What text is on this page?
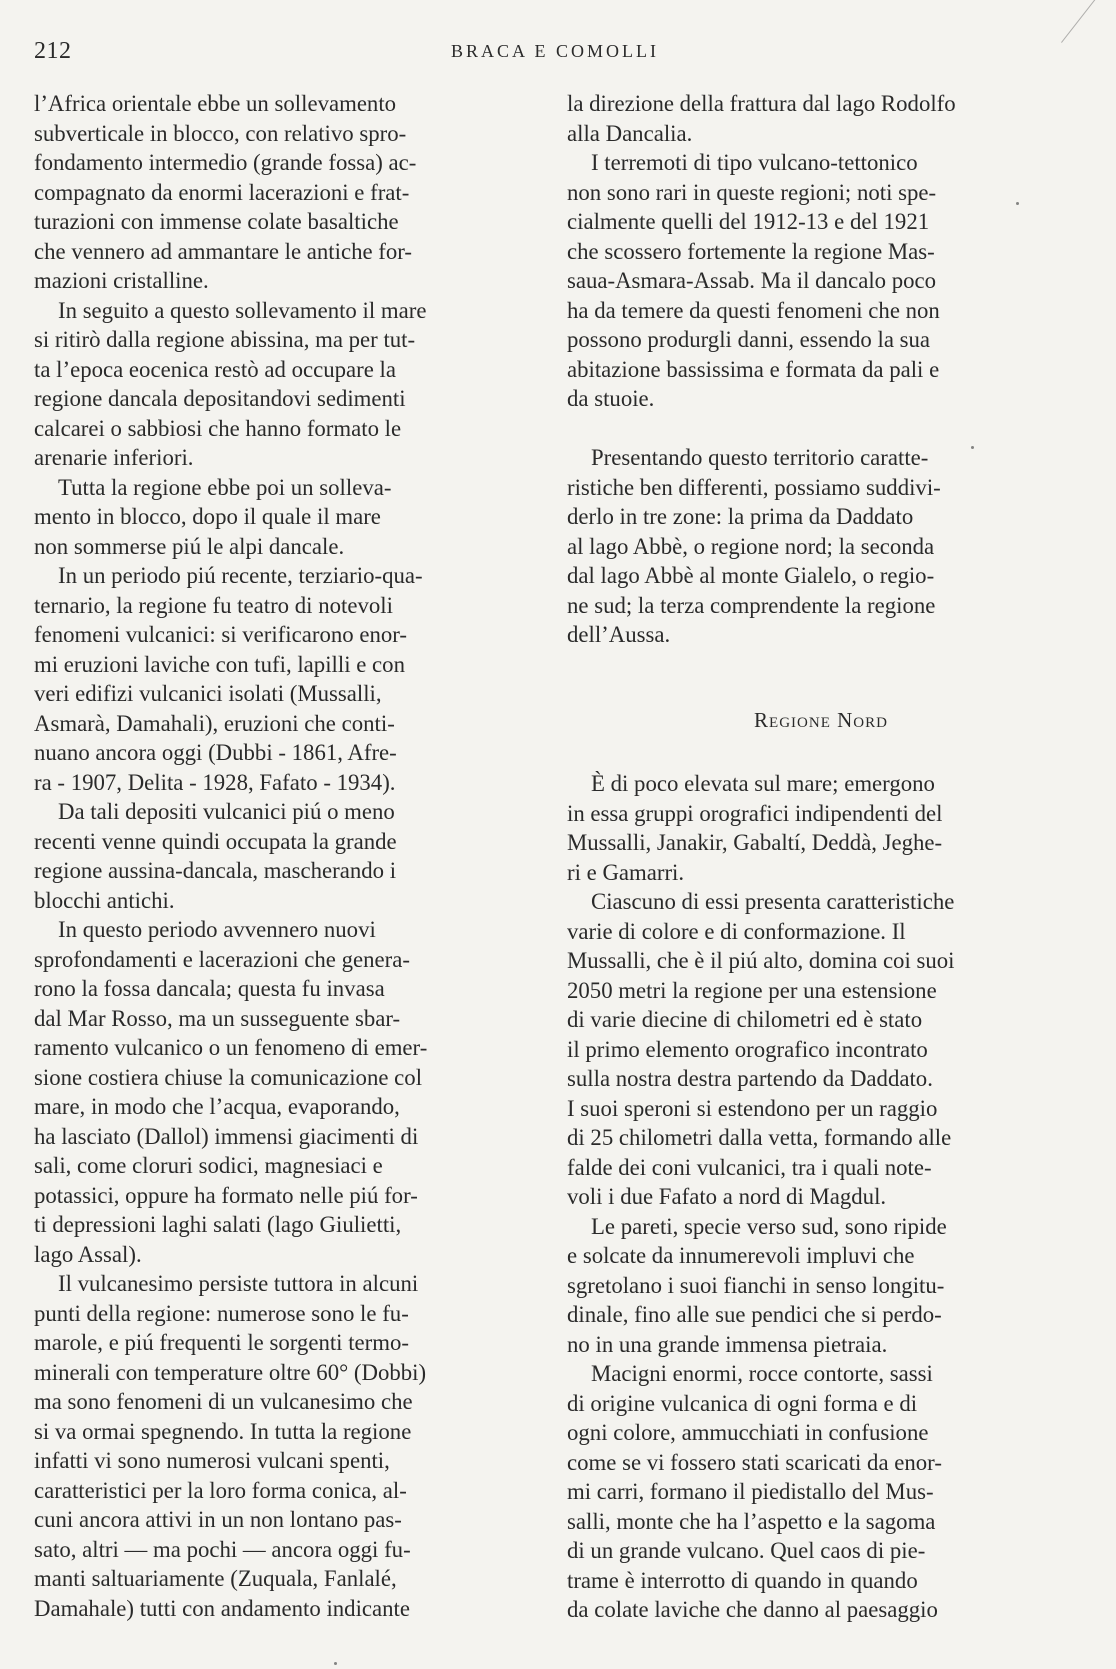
212	BRACA E COMOLLI
l’Africa orientale ebbe un sollevamento
subverticale in blocco, con relativo spro-
fondamento intermedio (grande fossa) ac-
compagnato da enormi lacerazioni e frat-
turazioni con immense colate basaltiche
che vennero ad ammantare le antiche for-
mazioni cristalline.
In seguito a questo sollevamento il mare
si ritirò dalla regione abissina, ma per tut-
ta l’epoca eocenica restò ad occupare la
regione dancala depositandovi sedimenti
calcarei o sabbiosi che hanno formato le
arenarie inferiori.
Tutta la regione ebbe poi un solleva-
mento in blocco, dopo il quale il mare
non sommerse piú le alpi dancale.
In un periodo piú recente, terziario-qua-
ternario, la regione fu teatro di notevoli
fenomeni vulcanici: si verificarono enor-
mi eruzioni laviche con tufi, lapilli e con
veri edifizi vulcanici isolati (Mussalli,
Asmarà, Damahali), eruzioni che conti-
nuano ancora oggi (Dubbi - 1861, Afre-
ra - 1907, Delita - 1928, Fafato - 1934).
Da tali depositi vulcanici piú o meno
recenti venne quindi occupata la grande
regione aussina-dancala, mascherando i
blocchi antichi.
In questo periodo avvennero nuovi
sprofondamenti e lacerazioni che genera-
rono la fossa dancala; questa fu invasa
dal Mar Rosso, ma un susseguente sbar-
ramento vulcanico o un fenomeno di emer-
sione costiera chiuse la comunicazione col
mare, in modo che l’acqua, evaporando,
ha lasciato (Dallol) immensi giacimenti di
sali, come cloruri sodici, magnesiaci e
potassici, oppure ha formato nelle piú for-
ti depressioni laghi salati (lago Giulietti,
lago Assal).
Il vulcanesimo persiste tuttora in alcuni
punti della regione: numerose sono le fu-
marole, e piú frequenti le sorgenti termo-
minerali con temperature oltre 60° (Dobbi)
ma sono fenomeni di un vulcanesimo che
si va ormai spegnendo. In tutta la regione
infatti vi sono numerosi vulcani spenti,
caratteristici per la loro forma conica, al-
cuni ancora attivi in un non lontano pas-
sato, altri — ma pochi — ancora oggi fu-
manti saltuariamente (Zuquala, Fanlalé,
Damahale) tutti con andamento indicante
la direzione della frattura dal lago Rodolfo
alla Dancalia.
I terremoti di tipo vulcano-tettonico
non sono rari in queste regioni; noti spe-
cialmente quelli del 1912-13 e del 1921
che scossero fortemente la regione Mas-
saua-Asmara-Assab. Ma il dancalo poco
ha da temere da questi fenomeni che non
possono produrgli danni, essendo la sua
abitazione bassissima e formata da pali e
da stuoie.
Presentando questo territorio caratte-
ristiche ben differenti, possiamo suddivi-
derlo in tre zone: la prima da Daddato
al lago Abbè, o regione nord; la seconda
dal lago Abbè al monte Gialelo, o regio-
ne sud; la terza comprendente la regione
dell’Aussa.
Regione Nord
È di poco elevata sul mare; emergono
in essa gruppi orografici indipendenti del
Mussalli, Janakir, Gabaltí, Deddà, Jeghe-
ri e Gamarri.
Ciascuno di essi presenta caratteristiche
varie di colore e di conformazione. Il
Mussalli, che è il piú alto, domina coi suoi
2050 metri la regione per una estensione
di varie diecine di chilometri ed è stato
il primo elemento orografico incontrato
sulla nostra destra partendo da Daddato.
I suoi speroni si estendono per un raggio
di 25 chilometri dalla vetta, formando alle
falde dei coni vulcanici, tra i quali note-
voli i due Fafato a nord di Magdul.
Le pareti, specie verso sud, sono ripide
e solcate da innumerevoli impluvi che
sgretolano i suoi fianchi in senso longitu-
dinale, fino alle sue pendici che si perdo-
no in una grande immensa pietraia.
Macigni enormi, rocce contorte, sassi
di origine vulcanica di ogni forma e di
ogni colore, ammucchiati in confusione
come se vi fossero stati scaricati da enor-
mi carri, formano il piedistallo del Mus-
salli, monte che ha l’aspetto e la sagoma
di un grande vulcano. Quel caos di pie-
trame è interrotto di quando in quando
da colate laviche che danno al paesaggio
